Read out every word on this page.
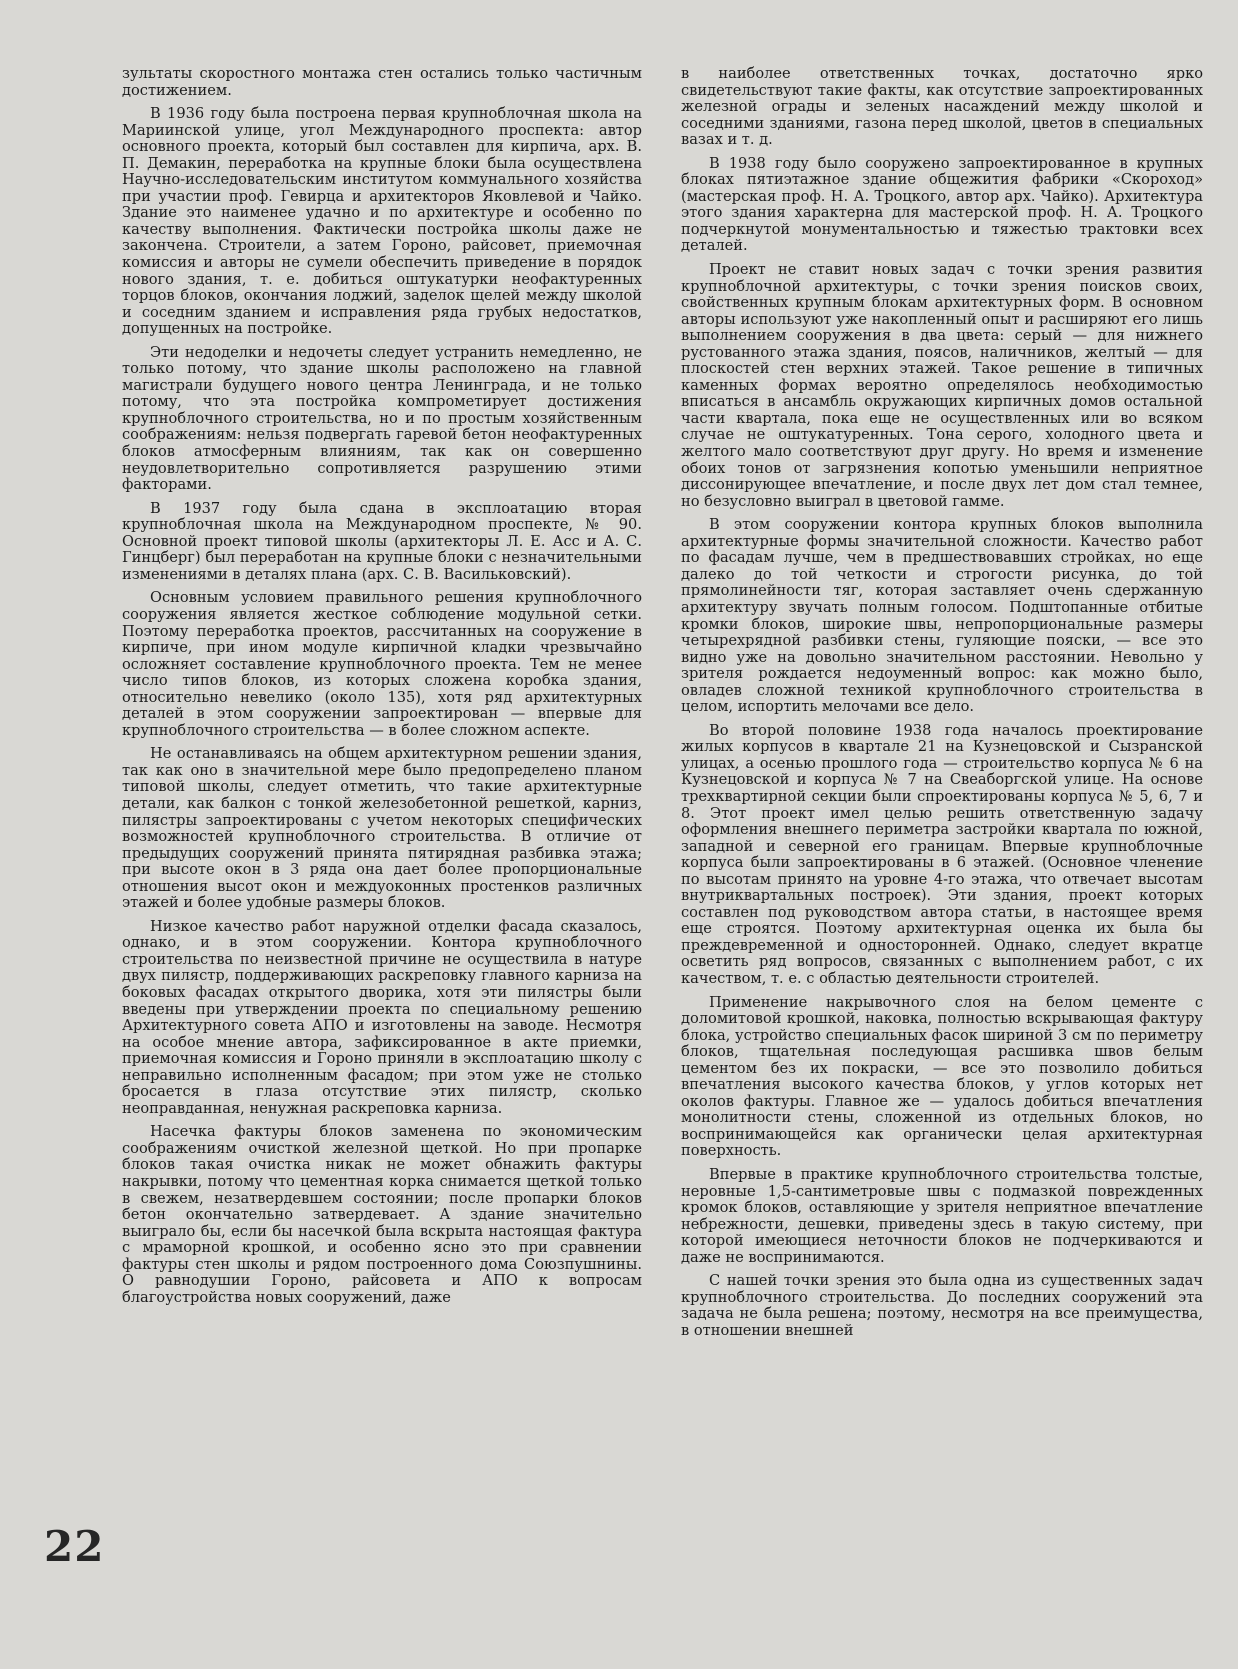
зультаты скоростного монтажа стен остались только частичным достижением.

В 1936 году была построена первая крупноблочная школа на Мариинской улице, угол Международного проспекта: автор основного проекта, который был составлен для кирпича, арх. В. П. Демакин, переработка на крупные блоки была осуществлена Научно-исследовательским институтом коммунального хозяйства при участии проф. Гевирца и архитекторов Яковлевой и Чайко. Здание это наименее удачно и по архитектуре и особенно по качеству выполнения. Фактически постройка школы даже не закончена. Строители, а затем Гороно, райсовет, приемочная комиссия и авторы не сумели обеспечить приведение в порядок нового здания, т. е. добиться оштукатурки неофактуренных торцов блоков, окончания лоджий, заделок щелей между школой и соседним зданием и исправления ряда грубых недостатков, допущенных на постройке.

Эти недоделки и недочеты следует устранить немедленно, не только потому, что здание школы расположено на главной магистрали будущего нового центра Ленинграда, и не только потому, что эта постройка компрометирует достижения крупноблочного строительства, но и по простым хозяйственным соображениям: нельзя подвергать гаревой бетон неофактуренных блоков атмосферным влияниям, так как он совершенно неудовлетворительно сопротивляется разрушению этими факторами.

В 1937 году была сдана в эксплоатацию вторая крупноблочная школа на Международном проспекте, № 90. Основной проект типовой школы (архитекторы Л. Е. Асс и А. С. Гинцберг) был переработан на крупные блоки с незначительными изменениями в деталях плана (арх. С. В. Васильковский).

Основным условием правильного решения крупноблочного сооружения является жесткое соблюдение модульной сетки. Поэтому переработка проектов, рассчитанных на сооружение в кирпиче, при ином модуле кирпичной кладки чрезвычайно осложняет составление крупноблочного проекта. Тем не менее число типов блоков, из которых сложена коробка здания, относительно невелико (около 135), хотя ряд архитектурных деталей в этом сооружении запроектирован — впервые для крупноблочного строительства — в более сложном аспекте.

Не останавливаясь на общем архитектурном решении здания, так как оно в значительной мере было предопределено планом типовой школы, следует отметить, что такие архитектурные детали, как балкон с тонкой железобетонной решеткой, карниз, пилястры запроектированы с учетом некоторых специфических возможностей крупноблочного строительства. В отличие от предыдущих сооружений принята пятирядная разбивка этажа; при высоте окон в 3 ряда она дает более пропорциональные отношения высот окон и междуоконных простенков различных этажей и более удобные размеры блоков.

Низкое качество работ наружной отделки фасада сказалось, однако, и в этом сооружении. Контора крупноблочного строительства по неизвестной причине не осуществила в натуре двух пилястр, поддерживающих раскреповку главного карниза на боковых фасадах открытого дворика, хотя эти пилястры были введены при утверждении проекта по специальному решению Архитектурного совета АПО и изготовлены на заводе. Несмотря на особое мнение автора, зафиксированное в акте приемки, приемочная комиссия и Гороно приняли в эксплоатацию школу с неправильно исполненным фасадом; при этом уже не столько бросается в глаза отсутствие этих пилястр, сколько неоправданная, ненужная раскреповка карниза.

Насечка фактуры блоков заменена по экономическим соображениям очисткой железной щеткой. Но при пропарке блоков такая очистка никак не может обнажить фактуры накрывки, потому что цементная корка снимается щеткой только в свежем, незатвердевшем состоянии; после пропарки блоков бетон окончательно затвердевает. А здание значительно выиграло бы, если бы насечкой была вскрыта настоящая фактура с мраморной крошкой, и особенно ясно это при сравнении фактуры стен школы и рядом построенного дома Союзпушнины. О равнодушии Гороно, райсовета и АПО к вопросам благоустройства новых сооружений, даже

в наиболее ответственных точках, достаточно ярко свидетельствуют такие факты, как отсутствие запроектированных железной ограды и зеленых насаждений между школой и соседними зданиями, газона перед школой, цветов в специальных вазах и т. д.

В 1938 году было сооружено запроектированное в крупных блоках пятиэтажное здание общежития фабрики «Скороход» (мастерская проф. Н. А. Троцкого, автор арх. Чайко). Архитектура этого здания характерна для мастерской проф. Н. А. Троцкого подчеркнутой монументальностью и тяжестью трактовки всех деталей.

Проект не ставит новых задач с точки зрения развития крупноблочной архитектуры, с точки зрения поисков своих, свойственных крупным блокам архитектурных форм. В основном авторы используют уже накопленный опыт и расширяют его лишь выполнением сооружения в два цвета: серый — для нижнего рустованного этажа здания, поясов, наличников, желтый — для плоскостей стен верхних этажей. Такое решение в типичных каменных формах вероятно определялось необходимостью вписаться в ансамбль окружающих кирпичных домов остальной части квартала, пока еще не осуществленных или во всяком случае не оштукатуренных. Тона серого, холодного цвета и желтого мало соответствуют друг другу. Но время и изменение обоих тонов от загрязнения копотью уменьшили неприятное диссонирующее впечатление, и после двух лет дом стал темнее, но безусловно выиграл в цветовой гамме.

В этом сооружении контора крупных блоков выполнила архитектурные формы значительной сложности. Качество работ по фасадам лучше, чем в предшествовавших стройках, но еще далеко до той четкости и строгости рисунка, до той прямолинейности тяг, которая заставляет очень сдержанную архитектуру звучать полным голосом. Подштопанные отбитые кромки блоков, широкие швы, непропорциональные размеры четырехрядной разбивки стены, гуляющие пояски, — все это видно уже на довольно значительном расстоянии. Невольно у зрителя рождается недоуменный вопрос: как можно было, овладев сложной техникой крупноблочного строительства в целом, испортить мелочами все дело.

Во второй половине 1938 года началось проектирование жилых корпусов в квартале 21 на Кузнецовской и Сызранской улицах, а осенью прошлого года — строительство корпуса № 6 на Кузнецовской и корпуса № 7 на Свеаборгской улице. На основе трехквартирной секции были спроектированы корпуса № 5, 6, 7 и 8. Этот проект имел целью решить ответственную задачу оформления внешнего периметра застройки квартала по южной, западной и северной его границам. Впервые крупноблочные корпуса были запроектированы в 6 этажей. (Основное членение по высотам принято на уровне 4-го этажа, что отвечает высотам внутриквартальных построек). Эти здания, проект которых составлен под руководством автора статьи, в настоящее время еще строятся. Поэтому архитектурная оценка их была бы преждевременной и односторонней. Однако, следует вкратце осветить ряд вопросов, связанных с выполнением работ, с их качеством, т. е. с областью деятельности строителей.

Применение накрывочного слоя на белом цементе с доломитовой крошкой, наковка, полностью вскрывающая фактуру блока, устройство специальных фасок шириной 3 см по периметру блоков, тщательная последующая расшивка швов белым цементом без их покраски, — все это позволило добиться впечатления высокого качества блоков, у углов которых нет околов фактуры. Главное же — удалось добиться впечатления монолитности стены, сложенной из отдельных блоков, но воспринимающейся как органически целая архитектурная поверхность.

Впервые в практике крупноблочного строительства толстые, неровные 1,5-сантиметровые швы с подмазкой поврежденных кромок блоков, оставляющие у зрителя неприятное впечатление небрежности, дешевки, приведены здесь в такую систему, при которой имеющиеся неточности блоков не подчеркиваются и даже не воспринимаются.

С нашей точки зрения это была одна из существенных задач крупноблочного строительства. До последних сооружений эта задача не была решена; поэтому, несмотря на все преимущества, в отношении внешней

22
